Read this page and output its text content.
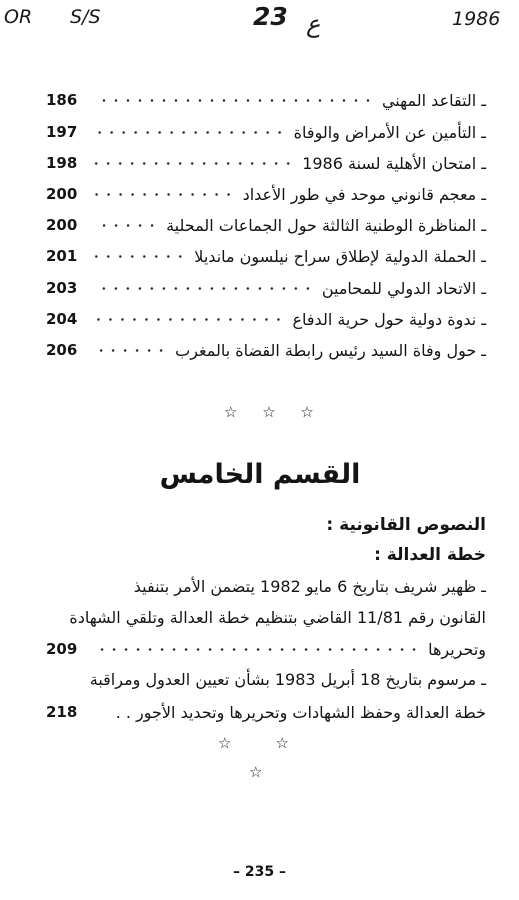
OR S/S	23 ع	1986
ـ التقاعد المهني
186
ـ التأمين عن الأمراض والوفاة
197
ـ امتحان الأهلية لسنة 1986
198
ـ معجم قانوني موحد في طور الأعداد
200
ـ المناظرة الوطنية الثالثة حول الجماعات المحلية
200
ـ الحملة الدولية لإطلاق سراح نيلسون مانديلا
201
ـ الاتحاد الدولي للمحامين
203
ـ ندوة دولية حول حرية الدفاع
204
ـ حول وفاة السيد رئيس رابطة القضاة بالمغرب
206
☆ ☆ ☆
القسم الخامس
النصوص القانونية :
خطة العدالة :
ـ ظهير شريف بتاريخ 6 مايو 1982 يتضمن الأمر بتنفيذ
القانون رقم 11/81 القاضي بتنظيم خطة العدالة وتلقي الشهادة
وتحريرها
209
ـ مرسوم بتاريخ 18 أبريل 1983 بشأن تعيين العدول ومراقبة
خطة العدالة وحفظ الشهادات وتحريرها وتحديد الأجور . .
218
☆☆
☆
– 235 –
